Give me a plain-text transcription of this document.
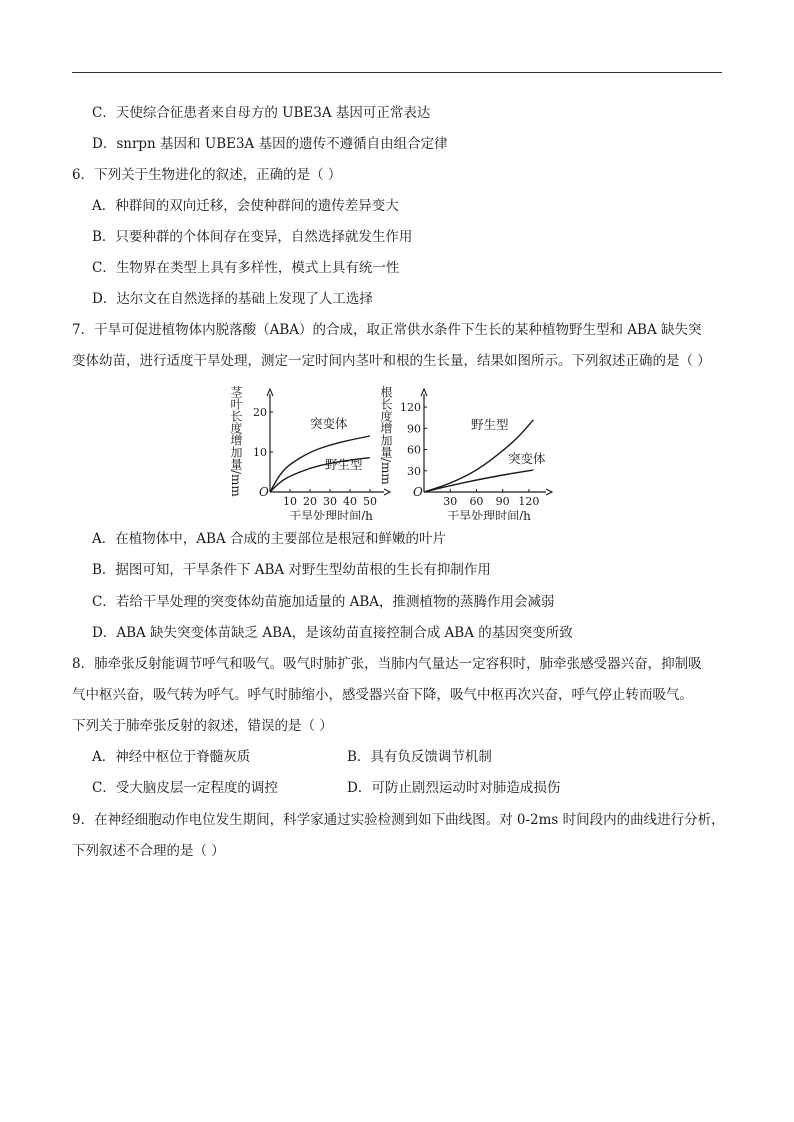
C．天使综合征患者来自母方的 UBE3A 基因可正常表达
D．snrpn 基因和 UBE3A 基因的遗传不遵循自由组合定律
6．下列关于生物进化的叙述，正确的是（ ）
A．种群间的双向迁移，会使种群间的遗传差异变大
B．只要种群的个体间存在变异，自然选择就发生作用
C．生物界在类型上具有多样性，模式上具有统一性
D．达尔文在自然选择的基础上发现了人工选择
7．干旱可促进植物体内脱落酸（ABA）的合成，取正常供水条件下生长的某种植物野生型和 ABA 缺失突
变体幼苗，进行适度干旱处理，测定一定时间内茎叶和根的生长量，结果如图所示。下列叙述正确的是（ ）
O
10 20 30 40 50
10
20
干旱处理时间/h
茎叶长度增加量/mm	突变体
野生型
O
30 60 90 120
30
60
90
120
干旱处理时间/h
根长度增加量/mm	野生型
突变体
A．在植物体中，ABA 合成的主要部位是根冠和鲜嫩的叶片
B．据图可知，干旱条件下 ABA 对野生型幼苗根的生长有抑制作用
C．若给干旱处理的突变体幼苗施加适量的 ABA，推测植物的蒸腾作用会减弱
D．ABA 缺失突变体苗缺乏 ABA，是该幼苗直接控制合成 ABA 的基因突变所致
8．肺牵张反射能调节呼气和吸气。吸气时肺扩张，当肺内气量达一定容积时，肺牵张感受器兴奋，抑制吸
气中枢兴奋，吸气转为呼气。呼气时肺缩小，感受器兴奋下降，吸气中枢再次兴奋，呼气停止转而吸气。
下列关于肺牵张反射的叙述，错误的是（ ）
A．神经中枢位于脊髓灰质	B．具有负反馈调节机制
C．受大脑皮层一定程度的调控	D．可防止剧烈运动时对肺造成损伤
9．在神经细胞动作电位发生期间，科学家通过实验检测到如下曲线图。对 0-2ms 时间段内的曲线进行分析，
下列叙述不合理的是（ ）
